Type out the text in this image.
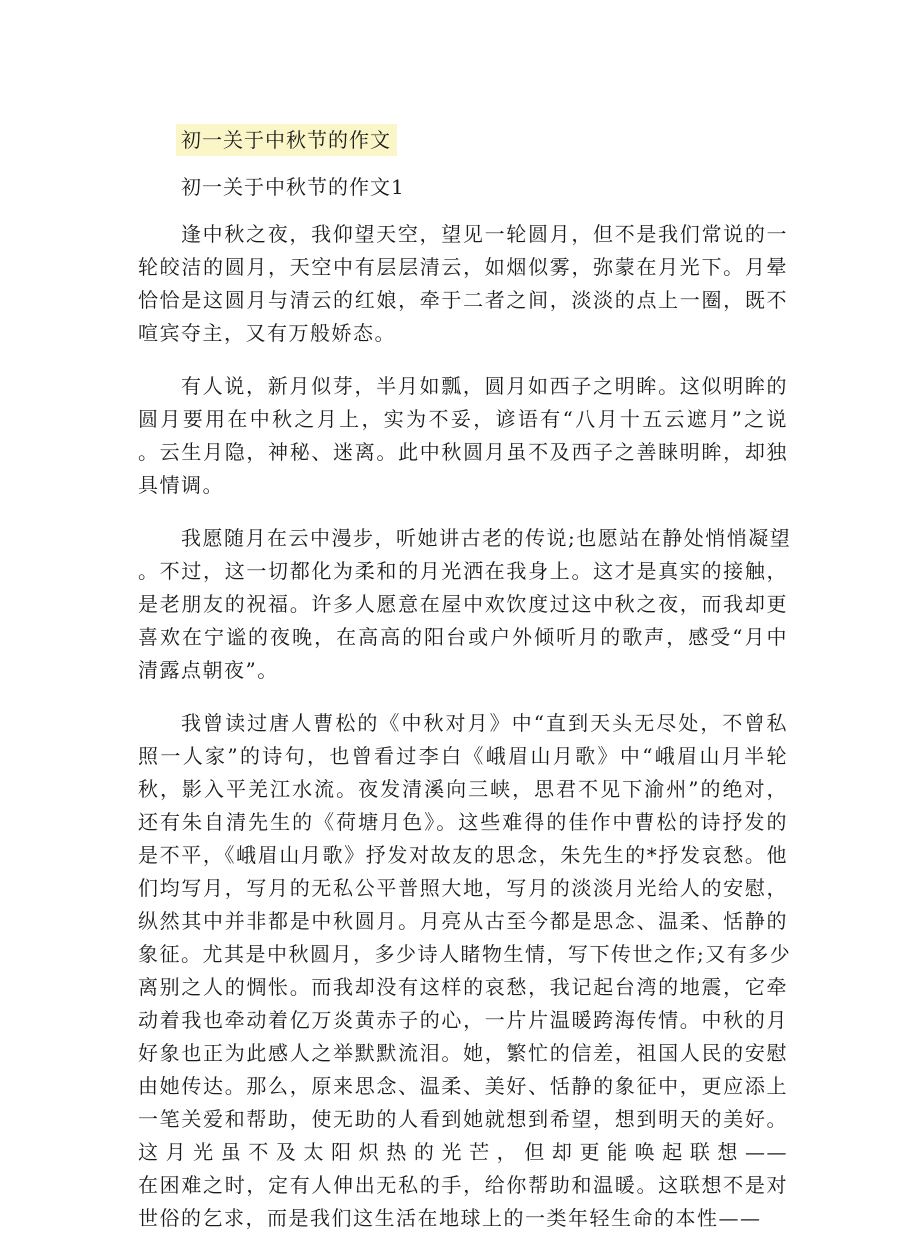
初一关于中秋节的作文
初一关于中秋节的作文1
逢中秋之夜，我仰望天空，望见一轮圆月，但不是我们常说的一
轮皎洁的圆月，天空中有层层清云，如烟似雾，弥蒙在月光下。月晕
恰恰是这圆月与清云的红娘，牵于二者之间，淡淡的点上一圈，既不
喧宾夺主，又有万般娇态。
有人说，新月似芽，半月如瓢，圆月如西子之明眸。这似明眸的
圆月要用在中秋之月上，实为不妥，谚语有“八月十五云遮月”之说
。云生月隐，神秘、迷离。此中秋圆月虽不及西子之善睐明眸，却独
具情调。
我愿随月在云中漫步，听她讲古老的传说;也愿站在静处悄悄凝望
。不过，这一切都化为柔和的月光洒在我身上。这才是真实的接触，
是老朋友的祝福。许多人愿意在屋中欢饮度过这中秋之夜，而我却更
喜欢在宁谧的夜晚，在高高的阳台或户外倾听月的歌声，感受“月中
清露点朝夜”。
我曾读过唐人曹松的《中秋对月》中“直到天头无尽处，不曾私
照一人家”的诗句，也曾看过李白《峨眉山月歌》中“峨眉山月半轮
秋，影入平羌江水流。夜发清溪向三峡，思君不见下渝州”的绝对，
还有朱自清先生的《荷塘月色》。这些难得的佳作中曹松的诗抒发的
是不平，《峨眉山月歌》抒发对故友的思念，朱先生的*抒发哀愁。他
们均写月，写月的无私公平普照大地，写月的淡淡月光给人的安慰，
纵然其中并非都是中秋圆月。月亮从古至今都是思念、温柔、恬静的
象征。尤其是中秋圆月，多少诗人睹物生情，写下传世之作;又有多少
离别之人的惆怅。而我却没有这样的哀愁，我记起台湾的地震，它牵
动着我也牵动着亿万炎黄赤子的心，一片片温暖跨海传情。中秋的月
好象也正为此感人之举默默流泪。她，繁忙的信差，祖国人民的安慰
由她传达。那么，原来思念、温柔、美好、恬静的象征中，更应添上
一笔关爱和帮助，使无助的人看到她就想到希望，想到明天的美好。
这月光虽不及太阳炽热的光芒，但却更能唤起联想——
在困难之时，定有人伸出无私的手，给你帮助和温暖。这联想不是对
世俗的乞求，而是我们这生活在地球上的一类年轻生命的本性——
